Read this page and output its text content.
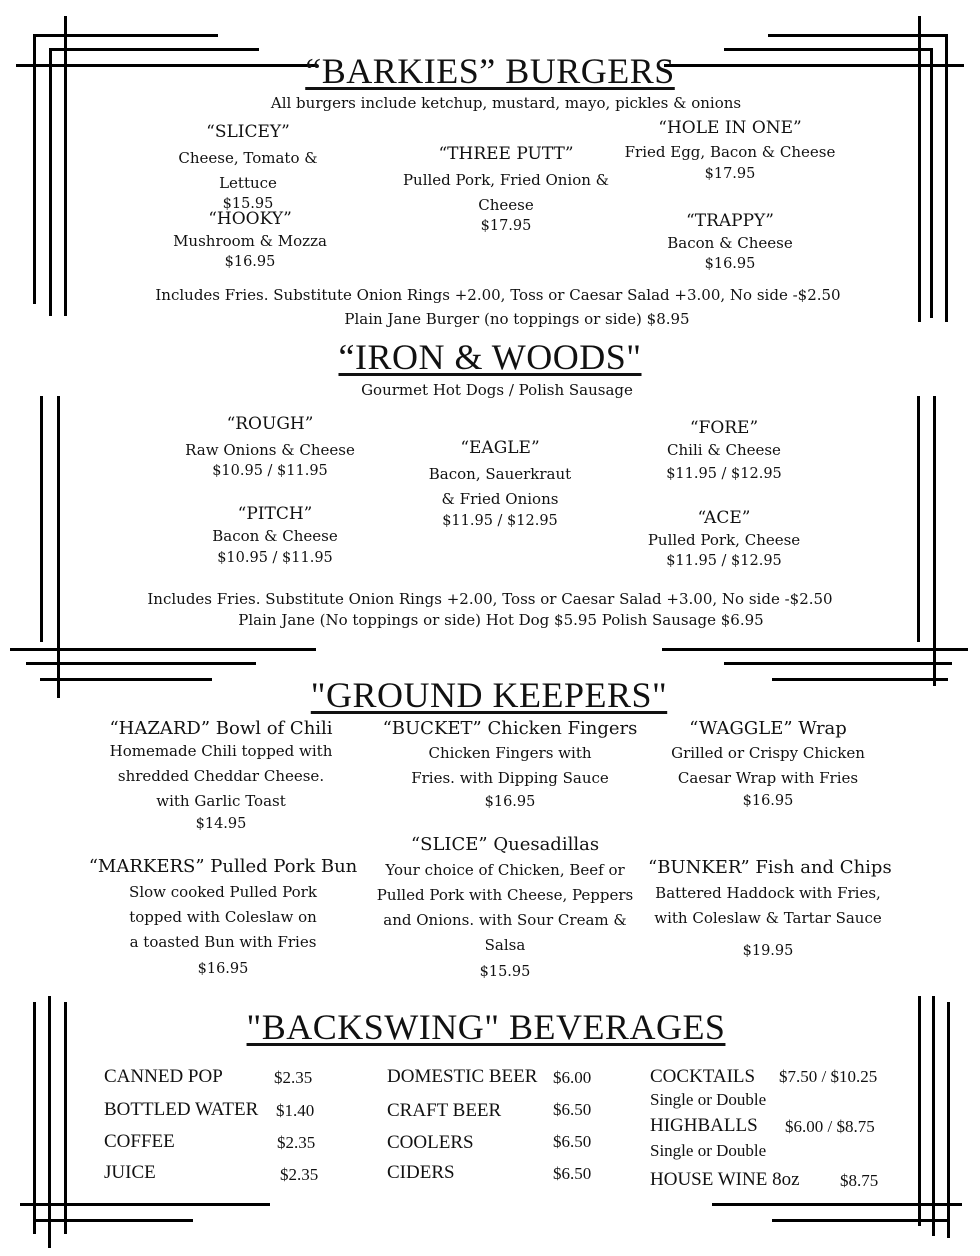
“BARKIES” BURGERS
All burgers include ketchup, mustard, mayo, pickles & onions
“SLICEY”
Cheese, Tomato & Lettuce
$15.95
“THREE PUTT”
Pulled Pork, Fried Onion & Cheese
$17.95
“HOLE IN ONE”
Fried Egg, Bacon & Cheese
$17.95
“HOOKY”
Mushroom & Mozza
$16.95
“TRAPPY”
Bacon & Cheese
$16.95
Includes Fries. Substitute Onion Rings +2.00, Toss or Caesar Salad +3.00, No side -$2.50
Plain Jane Burger (no toppings or side) $8.95
“IRON & WOODS"
Gourmet Hot Dogs / Polish Sausage
“ROUGH”
Raw Onions & Cheese
$10.95 / $11.95
“EAGLE”
Bacon, Sauerkraut
& Fried Onions
$11.95 / $12.95
“FORE”
Chili & Cheese
$11.95 / $12.95
“PITCH”
Bacon & Cheese
$10.95 / $11.95
“ACE”
Pulled Pork, Cheese
$11.95 / $12.95
Includes Fries. Substitute Onion Rings +2.00, Toss or Caesar Salad +3.00, No side -$2.50
Plain Jane (No toppings or side) Hot Dog $5.95 Polish Sausage $6.95
"GROUND KEEPERS"
“HAZARD” Bowl of Chili
Homemade Chili topped with shredded Cheddar Cheese. with Garlic Toast
$14.95
“BUCKET” Chicken Fingers
Chicken Fingers with Fries. with Dipping Sauce
$16.95
“WAGGLE” Wrap
Grilled or Crispy Chicken Caesar Wrap with Fries
$16.95
“MARKERS” Pulled Pork Bun
Slow cooked Pulled Pork topped with Coleslaw on a toasted Bun with Fries
$16.95
“SLICE” Quesadillas
Your choice of Chicken, Beef or Pulled Pork with Cheese, Peppers and Onions. with Sour Cream & Salsa
$15.95
“BUNKER” Fish and Chips
Battered Haddock with Fries, with Coleslaw & Tartar Sauce
$19.95
"BACKSWING" BEVERAGES
CANNED POP	$2.35
BOTTLED WATER $1.40
COFFEE	$2.35
JUICE	$2.35
DOMESTIC BEER $6.00
CRAFT BEER	$6.50
COOLERS	$6.50
CIDERS	$6.50
COCKTAILS $7.50 / $10.25
Single or Double
HIGHBALLS $6.00 / $8.75
Single or Double
HOUSE WINE 8oz $8.75
